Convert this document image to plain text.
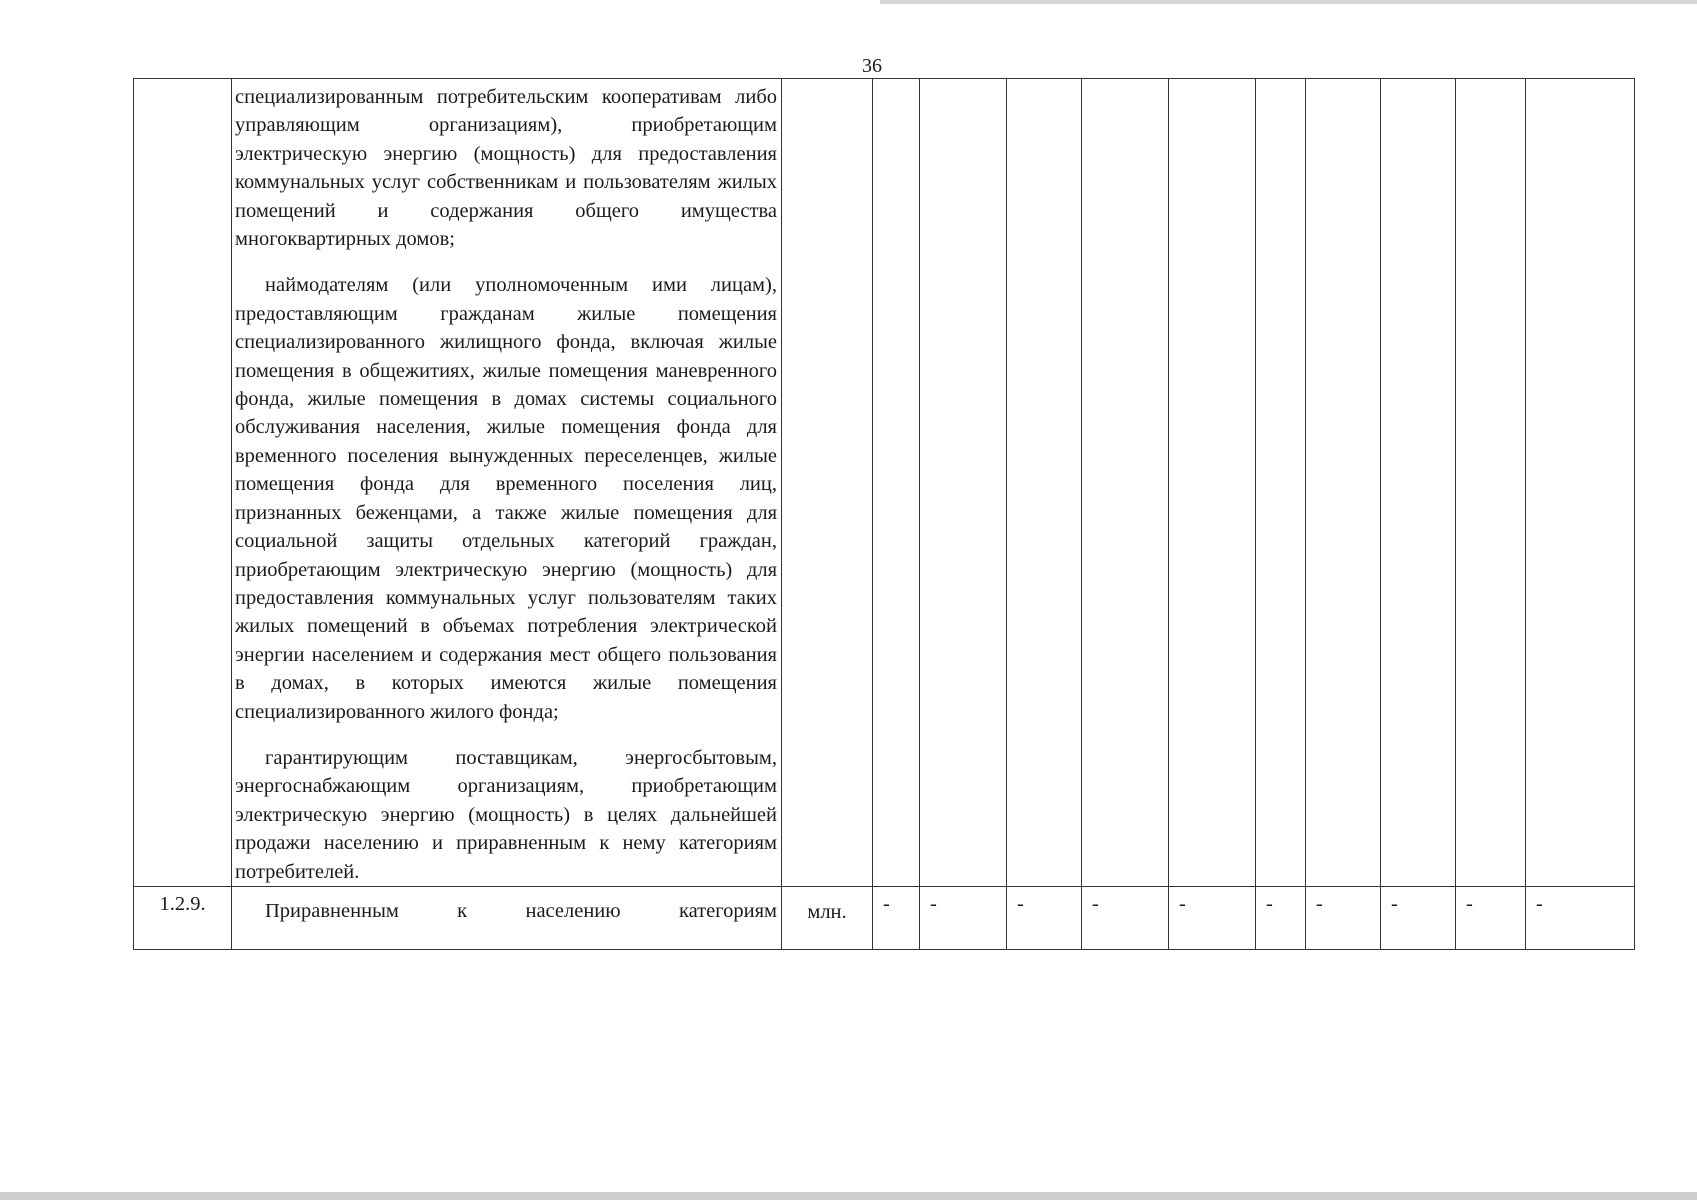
36

	специализированным потребительским кооперативам либо управляющим организациям), приобретающим электрическую энергию (мощность) для предоставления коммунальных услуг собственникам и пользователям жилых помещений и содержания общего имущества многоквартирных домов;

наймодателям (или уполномоченным ими лицам), предоставляющим гражданам жилые помещения специализированного жилищного фонда, включая жилые помещения в общежитиях, жилые помещения маневренного фонда, жилые помещения в домах системы социального обслуживания населения, жилые помещения фонда для временного поселения вынужденных переселенцев, жилые помещения фонда для временного поселения лиц, признанных беженцами, а также жилые помещения для социальной защиты отдельных категорий граждан, приобретающим электрическую энергию (мощность) для предоставления коммунальных услуг пользователям таких жилых помещений в объемах потребления электрической энергии населением и содержания мест общего пользования в домах, в которых имеются жилые помещения специализированного жилого фонда;

гарантирующим поставщикам, энергосбытовым, энергоснабжающим организациям, приобретающим электрическую энергию (мощность) в целях дальнейшей продажи населению и приравненным к нему категориям потребителей.											

1.2.9.	Приравненным к населению категориям	млн.	-	-	-	-	-	-	-	-	-	-
